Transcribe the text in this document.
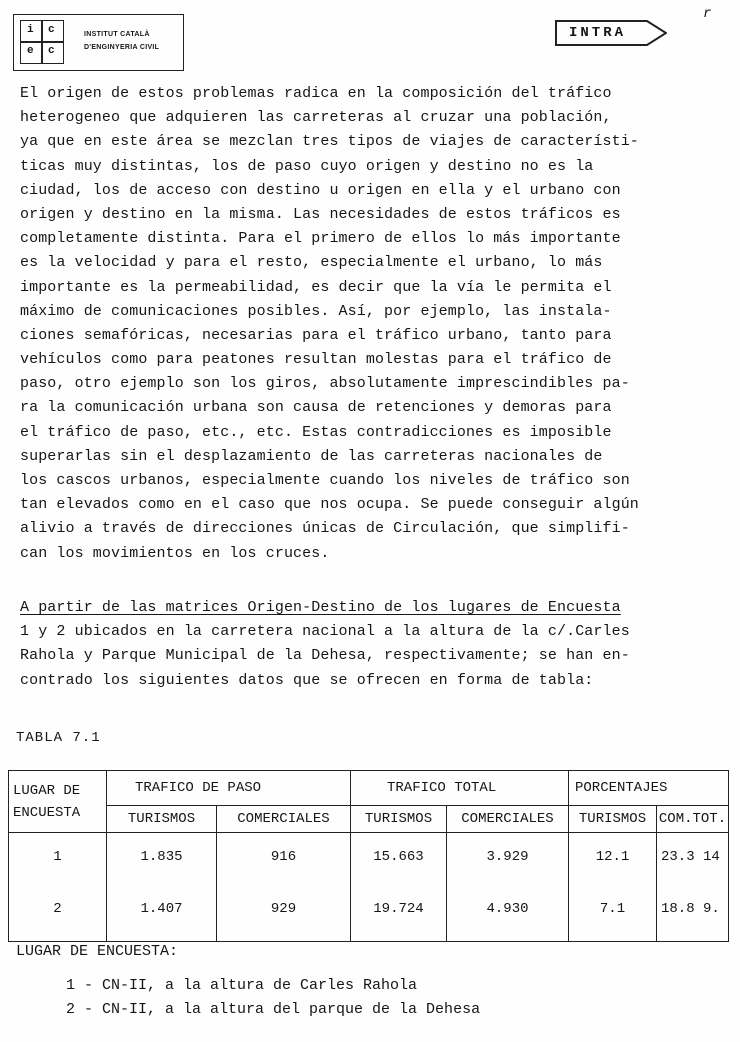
i c
e c
INSTITUT CATALÀ
D'ENGINYERIA CIVIL
INTRA
r
El origen de estos problemas radica en la composición del tráfico
heterogeneo que adquieren las carreteras al cruzar una población,
ya que en este área se mezclan tres tipos de viajes de característi-
ticas muy distintas, los de paso cuyo origen y destino no es la
ciudad, los de acceso con destino u origen en ella y el urbano con
origen y destino en la misma. Las necesidades de estos tráficos es
completamente distinta. Para el primero de ellos lo más importante
es la velocidad y para el resto, especialmente el urbano, lo más
importante es la permeabilidad, es decir que la vía le permita el
máximo de comunicaciones posibles. Así, por ejemplo, las instala-
ciones semafóricas, necesarias para el tráfico urbano, tanto para
vehículos como para peatones resultan molestas para el tráfico de
paso, otro ejemplo son los giros, absolutamente imprescindibles pa-
ra la comunicación urbana son causa de retenciones y demoras para
el tráfico de paso, etc., etc. Estas contradicciones es imposible
superarlas sin el desplazamiento de las carreteras nacionales de
los cascos urbanos, especialmente cuando los niveles de tráfico son
tan elevados como en el caso que nos ocupa. Se puede conseguir algún
alivio a través de direcciones únicas de Circulación, que simplifi-
can los movimientos en los cruces.
A partir de las matrices Origen-Destino de los lugares de Encuesta
1 y 2 ubicados en la carretera nacional a la altura de la c/.Carles
Rahola y Parque Municipal de la Dehesa, respectivamente; se han en-
contrado los siguientes datos que se ofrecen en forma de tabla:
TABLA 7.1
LUGAR DE
ENCUESTA	TRAFICO DE PASO		TRAFICO TOTAL		PORCENTAJES	
	TURISMOS	COMERCIALES	TURISMOS	COMERCIALES	TURISMOS	COM.TOT.
1	1.835	916	15.663	3.929	12.1	23.3 14
2	1.407	929	19.724	4.930	7.1	18.8 9.
LUGAR DE ENCUESTA:
1 - CN-II, a la altura de Carles Rahola
2 - CN-II, a la altura del parque de la Dehesa
